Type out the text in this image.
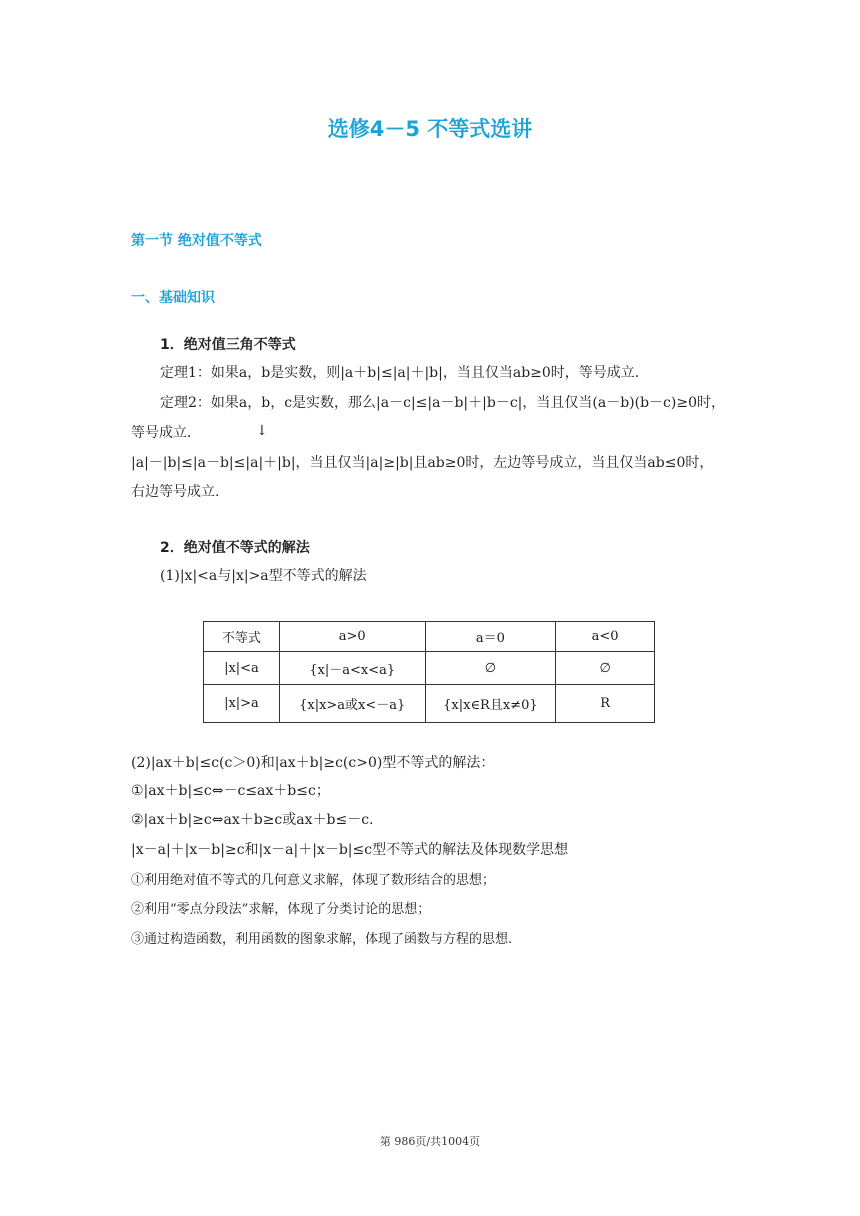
选修4－5 不等式选讲
第一节 绝对值不等式
一、基础知识
1．绝对值三角不等式
定理1：如果a，b是实数，则|a＋b|≤|a|＋|b|，当且仅当ab≥0时，等号成立．
定理2：如果a，b，c是实数，那么|a－c|≤|a－b|＋|b－c|，当且仅当(a－b)(b－c)≥0时，
等号成立．	↓
|a|－|b|≤|a－b|≤|a|＋|b|，当且仅当|a|≥|b|且ab≥0时，左边等号成立，当且仅当ab≤0时，
右边等号成立.
2．绝对值不等式的解法
(1)|x|<a与|x|>a型不等式的解法
不等式	a>0	a＝0	a<0
|x|<a	{x|－a<x<a}	∅	∅
|x|>a	{x|x>a或x<－a}	{x|x∈R且x≠0}	R
(2)|ax＋b|≤c(c＞0)和|ax＋b|≥c(c>0)型不等式的解法：
①|ax＋b|≤c⇔－c≤ax＋b≤c；
②|ax＋b|≥c⇔ax＋b≥c或ax＋b≤－c.
|x－a|＋|x－b|≥c和|x－a|＋|x－b|≤c型不等式的解法及体现数学思想
①利用绝对值不等式的几何意义求解，体现了数形结合的思想；
②利用“零点分段法”求解，体现了分类讨论的思想；
③通过构造函数，利用函数的图象求解，体现了函数与方程的思想.
第 986页/共1004页
